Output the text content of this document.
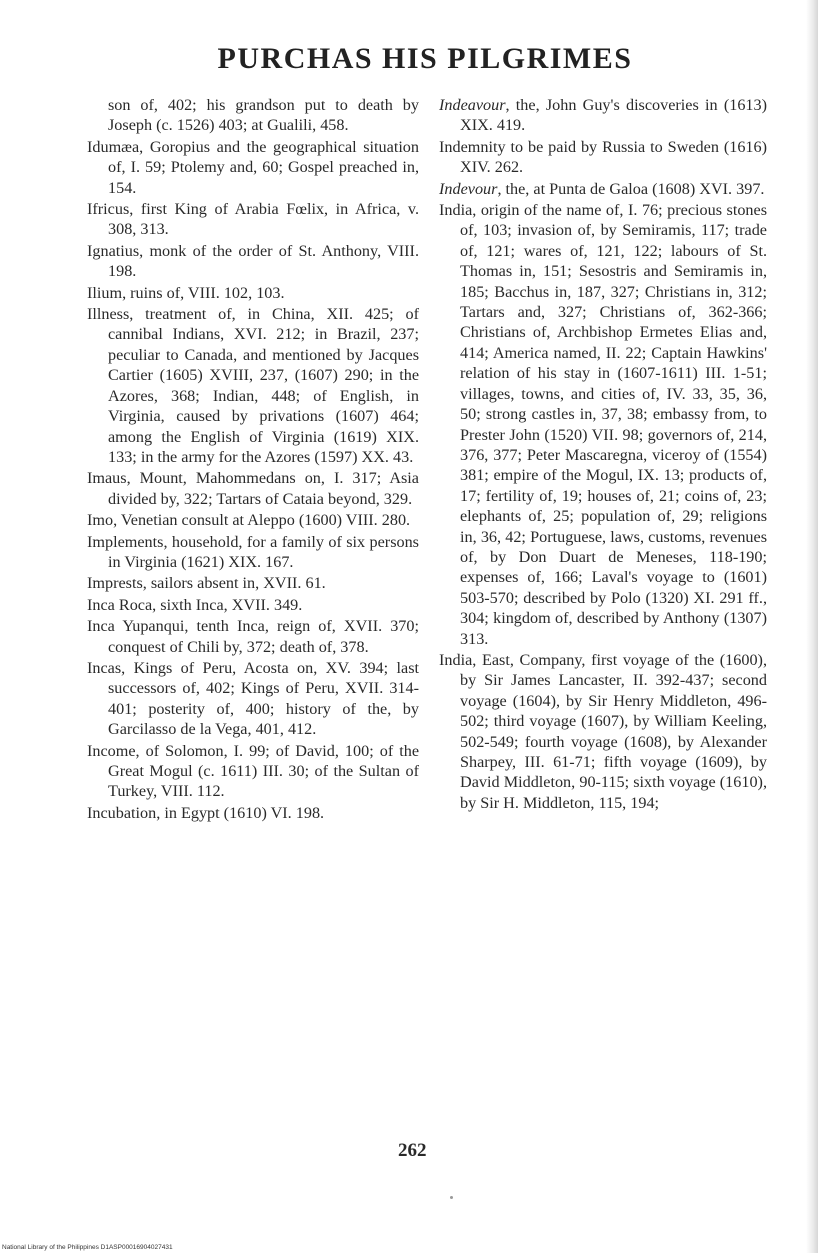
PURCHAS HIS PILGRIMES
son of, 402; his grandson put to death by Joseph (c. 1526) 403; at Gualili, 458.
Idumæa, Goropius and the geographical situation of, I. 59; Ptolemy and, 60; Gospel preached in, 154.
Ifricus, first King of Arabia Fœlix, in Africa, v. 308, 313.
Ignatius, monk of the order of St. Anthony, VIII. 198.
Ilium, ruins of, VIII. 102, 103.
Illness, treatment of, in China, XII. 425; of cannibal Indians, XVI. 212; in Brazil, 237; peculiar to Canada, and mentioned by Jacques Cartier (1605) XVIII, 237, (1607) 290; in the Azores, 368; Indian, 448; of English, in Virginia, caused by privations (1607) 464; among the English of Virginia (1619) XIX. 133; in the army for the Azores (1597) XX. 43.
Imaus, Mount, Mahommedans on, I. 317; Asia divided by, 322; Tartars of Cataia beyond, 329.
Imo, Venetian consult at Aleppo (1600) VIII. 280.
Implements, household, for a family of six persons in Virginia (1621) XIX. 167.
Imprests, sailors absent in, XVII. 61.
Inca Roca, sixth Inca, XVII. 349.
Inca Yupanqui, tenth Inca, reign of, XVII. 370; conquest of Chili by, 372; death of, 378.
Incas, Kings of Peru, Acosta on, XV. 394; last successors of, 402; Kings of Peru, XVII. 314-401; posterity of, 400; history of the, by Garcilasso de la Vega, 401, 412.
Income, of Solomon, I. 99; of David, 100; of the Great Mogul (c. 1611) III. 30; of the Sultan of Turkey, VIII. 112.
Incubation, in Egypt (1610) VI. 198.
Indeavour, the, John Guy's discoveries in (1613) XIX. 419.
Indemnity to be paid by Russia to Sweden (1616) XIV. 262.
Indevour, the, at Punta de Galoa (1608) XVI. 397.
India, origin of the name of, I. 76; precious stones of, 103; invasion of, by Semiramis, 117; trade of, 121; wares of, 121, 122; labours of St. Thomas in, 151; Sesostris and Semiramis in, 185; Bacchus in, 187, 327; Christians in, 312; Tartars and, 327; Christians of, 362-366; Christians of, Archbishop Ermetes Elias and, 414; America named, II. 22; Captain Hawkins' relation of his stay in (1607-1611) III. 1-51; villages, towns, and cities of, IV. 33, 35, 36, 50; strong castles in, 37, 38; embassy from, to Prester John (1520) VII. 98; governors of, 214, 376, 377; Peter Mascaregna, viceroy of (1554) 381; empire of the Mogul, IX. 13; products of, 17; fertility of, 19; houses of, 21; coins of, 23; elephants of, 25; population of, 29; religions in, 36, 42; Portuguese, laws, customs, revenues of, by Don Duart de Meneses, 118-190; expenses of, 166; Laval's voyage to (1601) 503-570; described by Polo (1320) XI. 291 ff., 304; kingdom of, described by Anthony (1307) 313.
India, East, Company, first voyage of the (1600), by Sir James Lancaster, II. 392-437; second voyage (1604), by Sir Henry Middleton, 496-502; third voyage (1607), by William Keeling, 502-549; fourth voyage (1608), by Alexander Sharpey, III. 61-71; fifth voyage (1609), by David Middleton, 90-115; sixth voyage (1610), by Sir H. Middleton, 115, 194;
262
National Library of the Philippines D1ASP00016904027431
